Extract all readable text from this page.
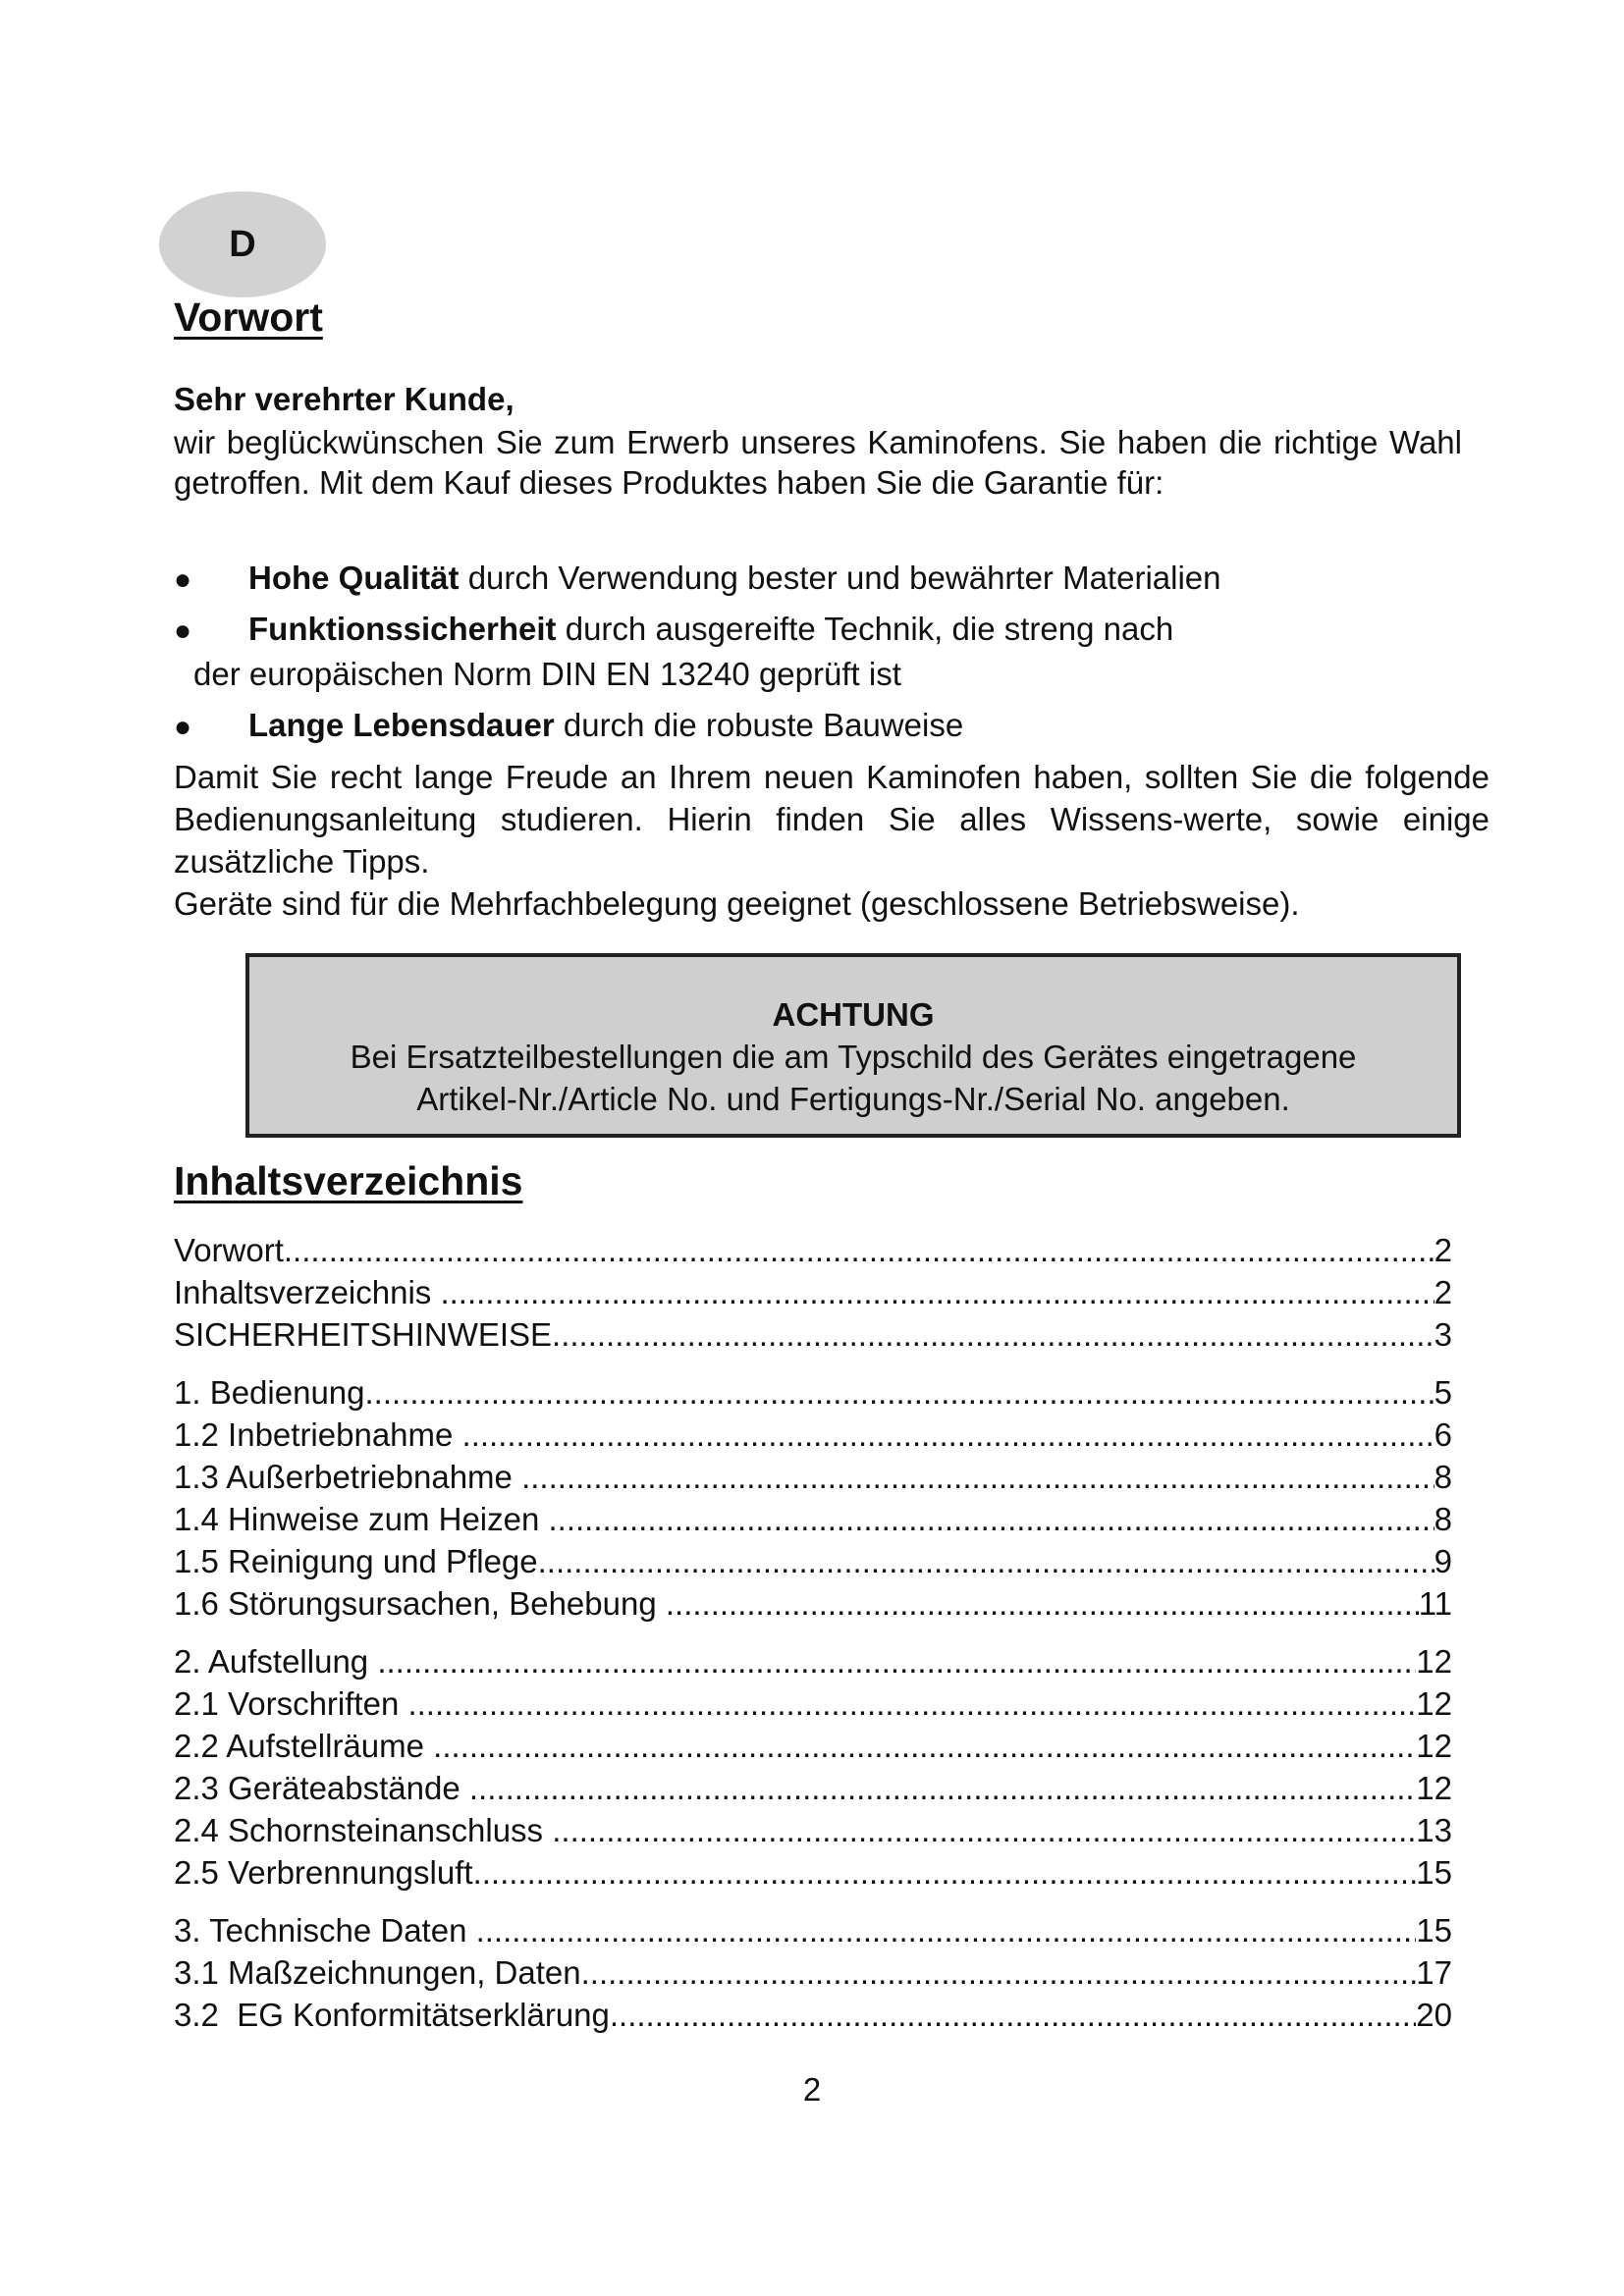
D
Vorwort

Sehr verehrter Kunde,

wir beglückwünschen Sie zum Erwerb unseres Kaminofens. Sie haben die richtige Wahl getroffen. Mit dem Kauf dieses Produktes haben Sie die Garantie für:

● Hohe Qualität durch Verwendung bester und bewährter Materialien

● Funktionssicherheit durch ausgereifte Technik, die streng nach

der europäischen Norm DIN EN 13240 geprüft ist

● Lange Lebensdauer durch die robuste Bauweise

Damit Sie recht lange Freude an Ihrem neuen Kaminofen haben, sollten Sie die folgende Bedienungsanleitung studieren. Hierin finden Sie alles Wissens-werte, sowie einige zusätzliche Tipps.

Geräte sind für die Mehrfachbelegung geeignet (geschlossene Betriebsweise).

ACHTUNG
Bei Ersatzteilbestellungen die am Typschild des Gerätes eingetragene
Artikel-Nr./Article No. und Fertigungs-Nr./Serial No. angeben.
Inhaltsverzeichnis
Vorwort .....	2
Inhaltsverzeichnis .....	2
SICHERHEITSHINWEISE .....	3
1. Bedienung .....	5
1.2 Inbetriebnahme .....	6
1.3 Außerbetriebnahme .....	8
1.4 Hinweise zum Heizen .....	8
1.5 Reinigung und Pflege .....	9
1.6 Störungsursachen, Behebung .....	11
2. Aufstellung .....	12
2.1 Vorschriften .....	12
2.2 Aufstellräume .....	12
2.3 Geräteabstände .....	12
2.4 Schornsteinanschluss .....	13
2.5 Verbrennungsluft .....	15
3. Technische Daten .....	15
3.1 Maßzeichnungen, Daten .....	17
3.2  EG Konformitätserklärung .....	20
2
